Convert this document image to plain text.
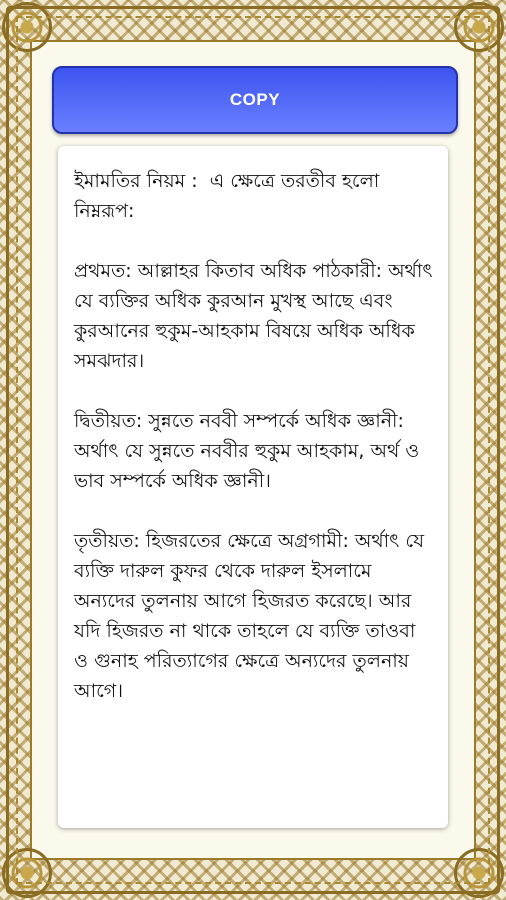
COPY

ইমামতির নিয়ম :  এ ক্ষেত্রে তরতীব হলো নিম্নরূপ:

প্রথমত: আল্লাহর কিতাব অধিক পাঠকারী: অর্থাৎ যে ব্যক্তির অধিক কুরআন মুখস্থ আছে এবং কুরআনের হুকুম-আহকাম বিষয়ে অধিক অধিক সমঝদার।

দ্বিতীয়ত: সুন্নতে নববী সম্পর্কে অধিক জ্ঞানী: অর্থাৎ যে সুন্নতে নববীর হুকুম আহকাম, অর্থ ও ভাব সম্পর্কে অধিক জ্ঞানী।

তৃতীয়ত: হিজরতের ক্ষেত্রে অগ্রগামী: অর্থাৎ যে ব্যক্তি দারুল কুফর থেকে দারুল ইসলামে অন্যদের তুলনায় আগে হিজরত করেছে। আর যদি হিজরত না থাকে তাহলে যে ব্যক্তি তাওবা ও গুনাহ পরিত্যাগের ক্ষেত্রে অন্যদের তুলনায় আগে।
